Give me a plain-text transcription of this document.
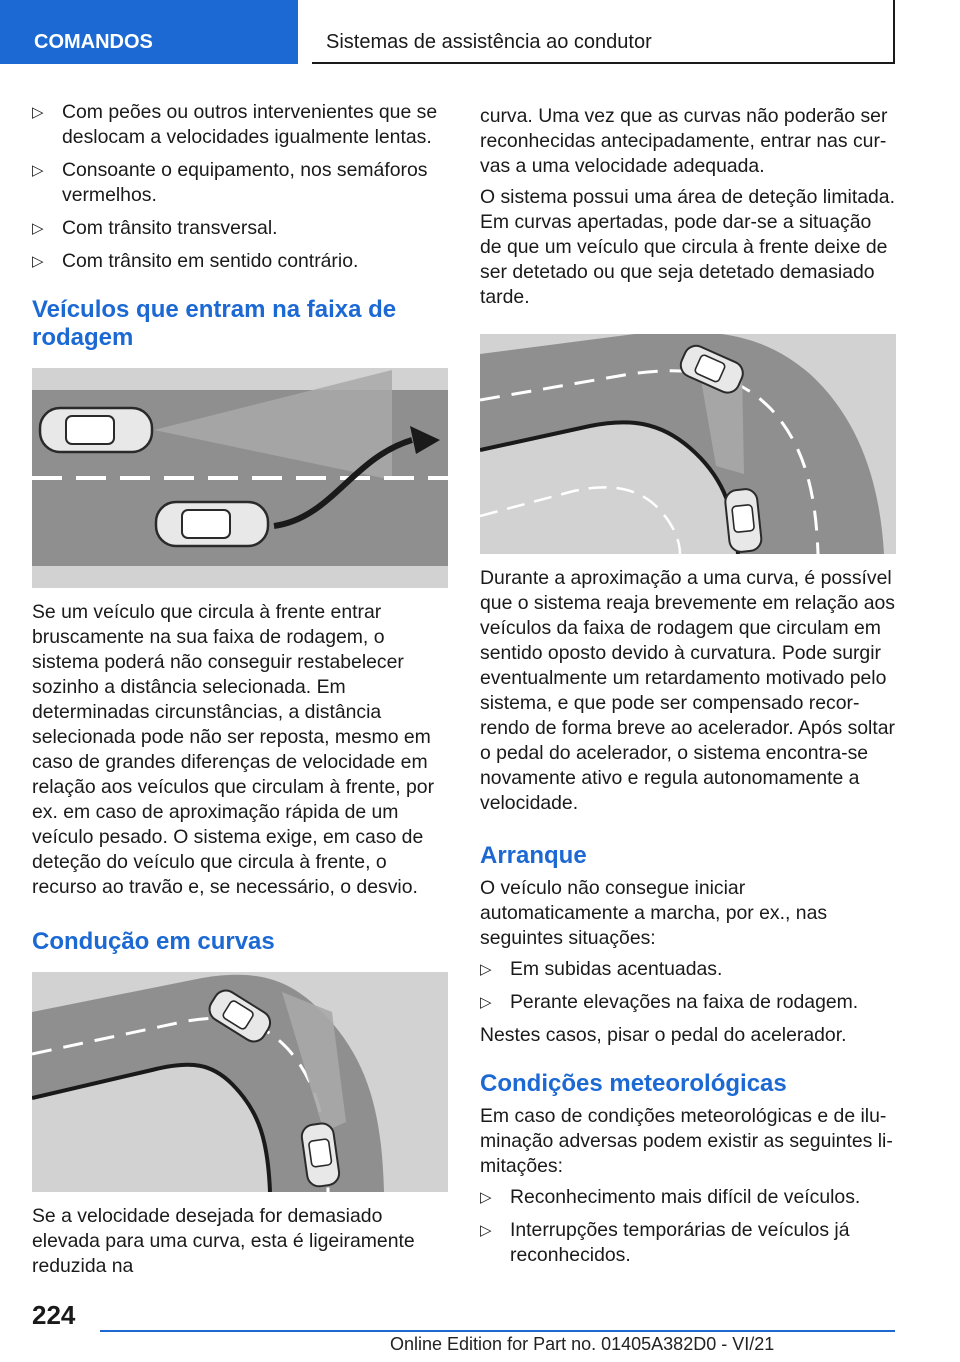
COMANDOS	Sistemas de assistência ao condutor

▷ Com peões ou outros intervenientes que se deslocam a velocidades igualmente lentas.

▷ Consoante o equipamento, nos semáforos vermelhos.

▷ Com trânsito transversal.

▷ Com trânsito em sentido contrário.

Veículos que entram na faixa de rodagem

Se um veículo que circula à frente entrar bruscamente na sua faixa de rodagem, o sistema poderá não conseguir restabelecer sozinho a distância selecionada. Em determinadas circunstâncias, a distância selecionada pode não ser reposta, mesmo em caso de grandes diferenças de velocidade em relação aos veículos que circulam à frente, por ex. em caso de aproximação rápida de um veículo pesado. O sistema exige, em caso de deteção do veículo que circula à frente, o recurso ao travão e, se necessário, o desvio.

Condução em curvas

Se a velocidade desejada for demasiado elevada para uma curva, esta é ligeiramente reduzida na

curva. Uma vez que as curvas não poderão ser reconhecidas antecipadamente, entrar nas curvas a uma velocidade adequada.

O sistema possui uma área de deteção limitada. Em curvas apertadas, pode dar-se a situação de que um veículo que circula à frente deixe de ser detetado ou que seja detetado demasiado tarde.

Durante a aproximação a uma curva, é possível que o sistema reaja brevemente em relação aos veículos da faixa de rodagem que circulam em sentido oposto devido à curvatura. Pode surgir eventualmente um retardamento motivado pelo sistema, e que pode ser compensado recorrendo de forma breve ao acelerador. Após soltar o pedal do acelerador, o sistema encontra-se novamente ativo e regula autonomamente a velocidade.

Arranque

O veículo não consegue iniciar automaticamente a marcha, por ex., nas seguintes situações:

▷ Em subidas acentuadas.

▷ Perante elevações na faixa de rodagem.

Nestes casos, pisar o pedal do acelerador.

Condições meteorológicas

Em caso de condições meteorológicas e de iluminação adversas podem existir as seguintes limitações:

▷ Reconhecimento mais difícil de veículos.

▷ Interrupções temporárias de veículos já reconhecidos.

224
Online Edition for Part no. 01405A382D0 - VI/21
